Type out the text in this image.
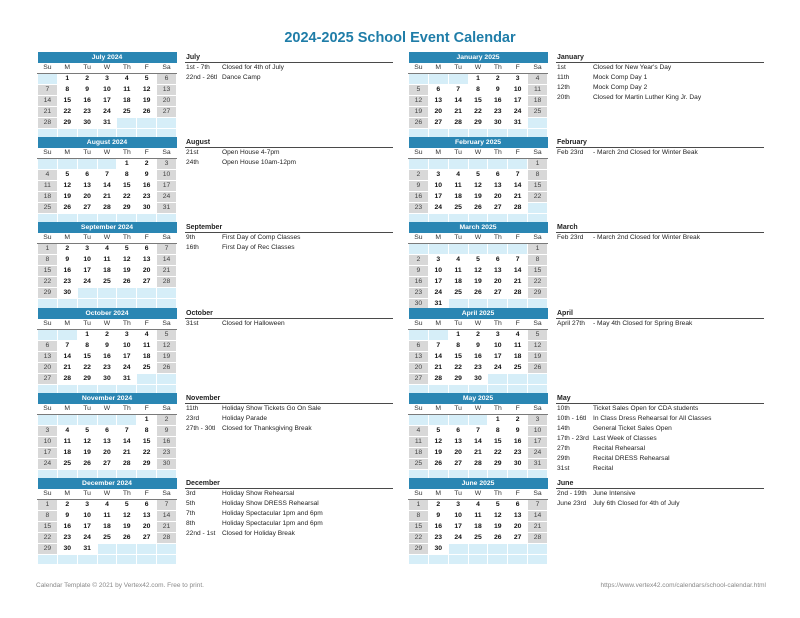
2024-2025 School Event Calendar
July 2024						
Su	M	Tu	W	Th	F	Sa
	1	2	3	4	5	6
7	8	9	10	11	12	13
14	15	16	17	18	19	20
21	22	23	24	25	26	27
28	29	30	31			

July
1st - 7th Closed for 4th of July
22nd - 26tl Dance Camp
January 2025						
Su	M	Tu	W	Th	F	Sa
			1	2	3	4
5	6	7	8	9	10	11
12	13	14	15	16	17	18
19	20	21	22	23	24	25
26	27	28	29	30	31	

January
1st	Closed for New Year's Day
11th	Mock Comp Day 1
12th	Mock Comp Day 2
20th	Closed for Martin Luther King Jr. Day
August 2024						
Su	M	Tu	W	Th	F	Sa
				1	2	3
4	5	6	7	8	9	10
11	12	13	14	15	16	17
18	19	20	21	22	23	24
25	26	27	28	29	30	31

August
21st	Open House 4-7pm
24th	Open House 10am-12pm
February 2025						
Su	M	Tu	W	Th	F	Sa
						1
2	3	4	5	6	7	8
9	10	11	12	13	14	15
16	17	18	19	20	21	22
23	24	25	26	27	28	

February
Feb 23rd - March 2nd Closed for Winter Beak
September 2024						
Su	M	Tu	W	Th	F	Sa
1	2	3	4	5	6	7
8	9	10	11	12	13	14
15	16	17	18	19	20	21
22	23	24	25	26	27	28
29	30					

September
9th	First Day of Comp Classes
16th	First Day of Rec Classes
March 2025						
Su	M	Tu	W	Th	F	Sa
						1
2	3	4	5	6	7	8
9	10	11	12	13	14	15
16	17	18	19	20	21	22
23	24	25	26	27	28	29
30	31					
March
Feb 23rd - March 2nd Closed for Winter Break
October 2024						
Su	M	Tu	W	Th	F	Sa
		1	2	3	4	5
6	7	8	9	10	11	12
13	14	15	16	17	18	19
20	21	22	23	24	25	26
27	28	29	30	31		

October
31st	Closed for Halloween
April 2025						
Su	M	Tu	W	Th	F	Sa
		1	2	3	4	5
6	7	8	9	10	11	12
13	14	15	16	17	18	19
20	21	22	23	24	25	26
27	28	29	30			

April
April 27th - May 4th Closed for Spring Break
November 2024						
Su	M	Tu	W	Th	F	Sa
					1	2
3	4	5	6	7	8	9
10	11	12	13	14	15	16
17	18	19	20	21	22	23
24	25	26	27	28	29	30

November
11th	Holiday Show Tickets Go On Sale
23rd	Holiday Parade
27th - 30tl Closed for Thanksgiving Break
May 2025						
Su	M	Tu	W	Th	F	Sa
				1	2	3
4	5	6	7	8	9	10
11	12	13	14	15	16	17
18	19	20	21	22	23	24
25	26	27	28	29	30	31

May
10th	Ticket Sales Open for CDA students
10th - 16tl In Class Dress Rehearsal for All Classes
14th	General Ticket Sales Open
17th - 23rd Last Week of Classes
27th	Recital Rehearsal
29th	Recital DRESS Rehearsal
31st	Recital
December 2024						
Su	M	Tu	W	Th	F	Sa
1	2	3	4	5	6	7
8	9	10	11	12	13	14
15	16	17	18	19	20	21
22	23	24	25	26	27	28
29	30	31				

December
3rd	Holiday Show Rehearsal
5th	Holiday Show DRESS Rehearsal
7th	Holiday Spectacular 1pm and 6pm
8th	Holiday Spectacular 1pm and 6pm
22nd - 1st Closed for Holiday Break
June 2025						
Su	M	Tu	W	Th	F	Sa
1	2	3	4	5	6	7
8	9	10	11	12	13	14
15	16	17	18	19	20	21
22	23	24	25	26	27	28
29	30					

June
2nd - 19th June Intensive
June 23rd July 6th Closed for 4th of July
Calendar Template © 2021 by Vertex42.com. Free to print.	https://www.vertex42.com/calendars/school-calendar.html
